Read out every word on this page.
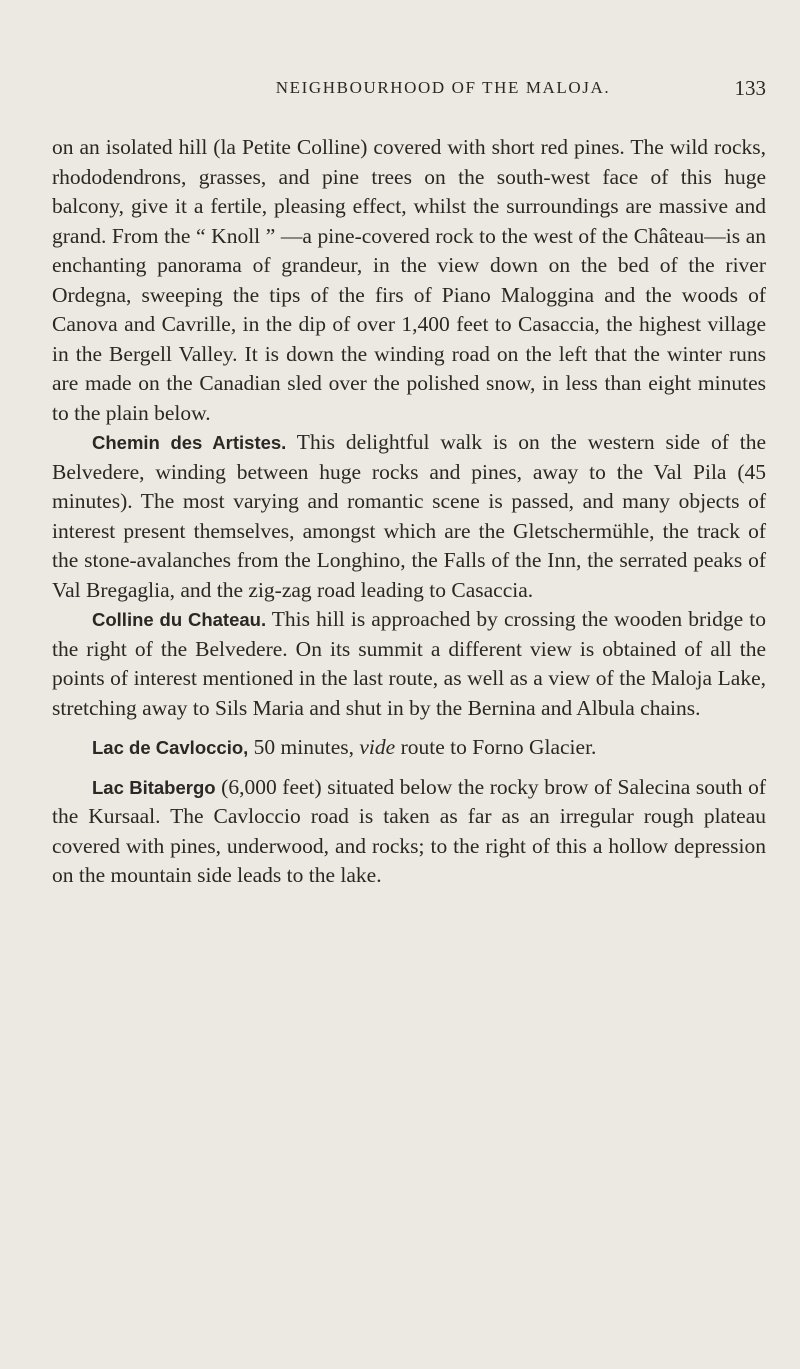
NEIGHBOURHOOD OF THE MALOJA.	133

on an isolated hill (la Petite Colline) covered with short red pines. The wild rocks, rhododendrons, grasses, and pine trees on the south-west face of this huge balcony, give it a fertile, pleasing effect, whilst the surroundings are massive and grand. From the “ Knoll ” —a pine-covered rock to the west of the Château—is an enchanting panorama of grandeur, in the view down on the bed of the river Ordegna, sweeping the tips of the firs of Piano Maloggina and the woods of Canova and Cavrille, in the dip of over 1,400 feet to Casaccia, the highest village in the Bergell Valley. It is down the winding road on the left that the winter runs are made on the Canadian sled over the polished snow, in less than eight minutes to the plain below.

Chemin des Artistes. This delightful walk is on the western side of the Belvedere, winding between huge rocks and pines, away to the Val Pila (45 minutes). The most varying and romantic scene is passed, and many objects of interest present themselves, amongst which are the Gletschermühle, the track of the stone-avalanches from the Longhino, the Falls of the Inn, the serrated peaks of Val Bregaglia, and the zig-zag road leading to Casaccia.

Colline du Chateau. This hill is approached by crossing the wooden bridge to the right of the Belvedere. On its summit a different view is obtained of all the points of interest mentioned in the last route, as well as a view of the Maloja Lake, stretching away to Sils Maria and shut in by the Bernina and Albula chains.

Lac de Cavloccio, 50 minutes, vide route to Forno Glacier.

Lac Bitabergo (6,000 feet) situated below the rocky brow of Salecina south of the Kursaal. The Cavloccio road is taken as far as an irregular rough plateau covered with pines, underwood, and rocks; to the right of this a hollow depression on the mountain side leads to the lake.
